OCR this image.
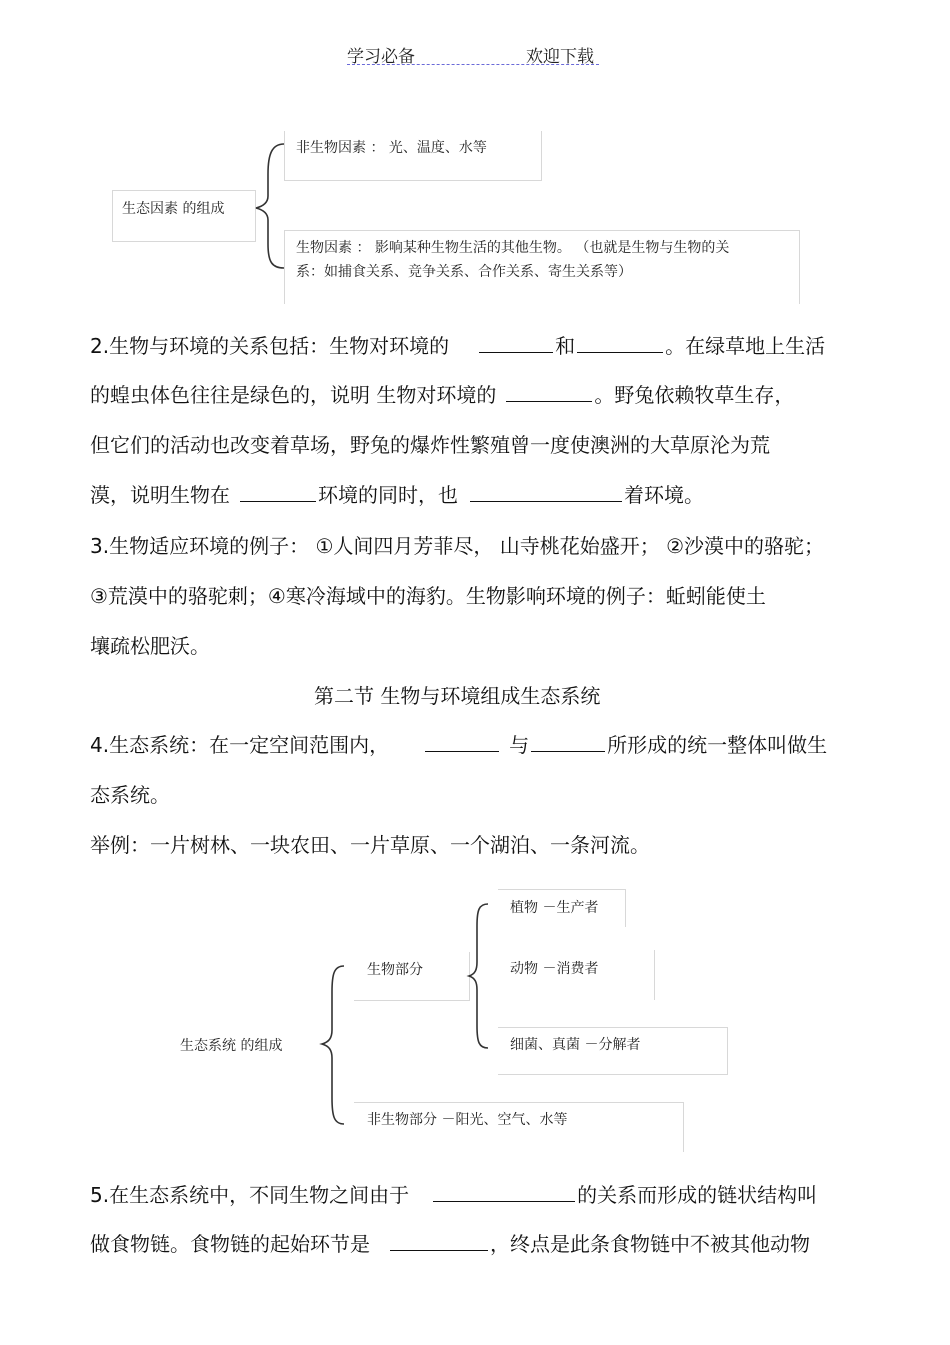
学习必备	欢迎下载
生态因素 的组成
非生物因素 ： 光、温度、水等
生物因素 ： 影响某种生物生活的其他生物。 （也就是生物与生物的关
系：如捕食关系、竞争关系、合作关系、寄生关系等）
2.生物与环境的关系包括：生物对环境的	和	。在绿草地上生活
的蝗虫体色往往是绿色的，说明 生物对环境的	。野兔依赖牧草生存，
但它们的活动也改变着草场，野兔的爆炸性繁殖曾一度使澳洲的大草原沦为荒
漠，说明生物在	环境的同时，也	着环境。
3.生物适应环境的例子： ①人间四月芳菲尽， 山寺桃花始盛开； ②沙漠中的骆驼；
③荒漠中的骆驼刺；④寒冷海域中的海豹。生物影响环境的例子：蚯蚓能使土
壤疏松肥沃。
第二节 生物与环境组成生态系统
4.生态系统：在一定空间范围内，	与	所形成的统一整体叫做生
态系统。
举例：一片树林、一块农田、一片草原、一个湖泊、一条河流。
生态系统 的组成
生物部分
植物 －生产者
动物 －消费者
细菌、真菌 －分解者
非生物部分 －阳光、空气、水等
5.在生态系统中，不同生物之间由于	的关系而形成的链状结构叫
做食物链。食物链的起始环节是	，终点是此条食物链中不被其他动物
